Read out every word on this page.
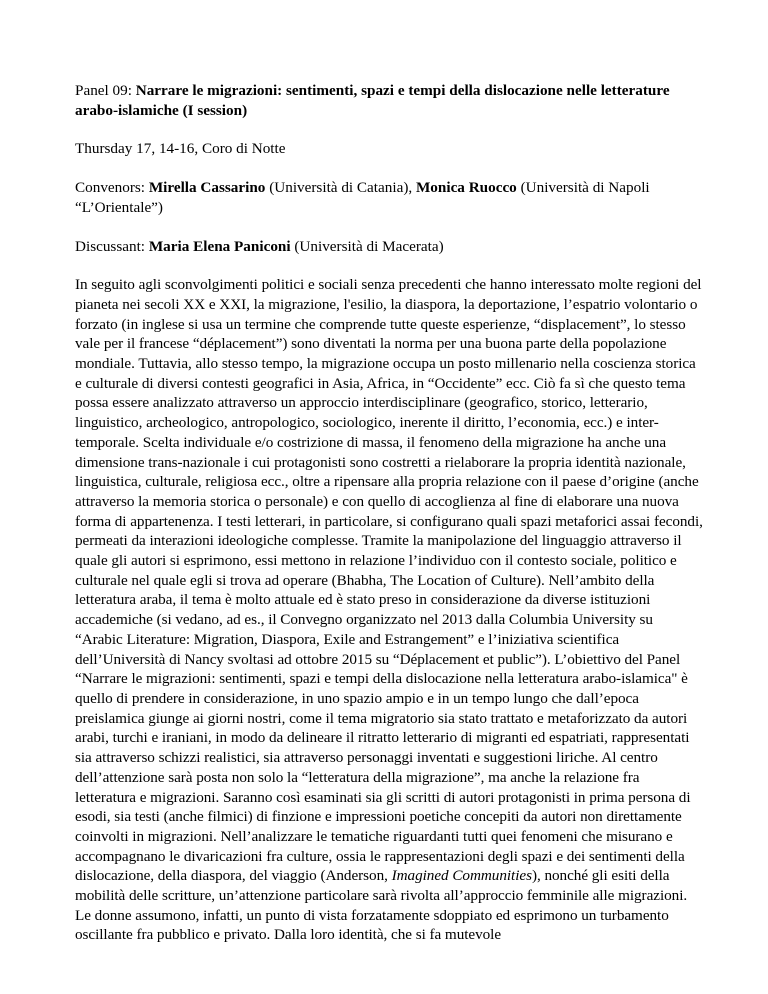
Panel 09: Narrare le migrazioni: sentimenti, spazi e tempi della dislocazione nelle letterature arabo-islamiche (I session)

Thursday 17, 14-16, Coro di Notte

Convenors: Mirella Cassarino (Università di Catania), Monica Ruocco (Università di Napoli “L’Orientale”)

Discussant: Maria Elena Paniconi (Università di Macerata)

In seguito agli sconvolgimenti politici e sociali senza precedenti che hanno interessato molte regioni del pianeta nei secoli XX e XXI, la migrazione, l'esilio, la diaspora, la deportazione, l’espatrio volontario o forzato (in inglese si usa un termine che comprende tutte queste esperienze, “displacement”, lo stesso vale per il francese “déplacement”) sono diventati la norma per una buona parte della popolazione mondiale. Tuttavia, allo stesso tempo, la migrazione occupa un posto millenario nella coscienza storica e culturale di diversi contesti geografici in Asia, Africa, in “Occidente” ecc. Ciò fa sì che questo tema possa essere analizzato attraverso un approccio interdisciplinare (geografico, storico, letterario, linguistico, archeologico, antropologico, sociologico, inerente il diritto, l’economia, ecc.) e inter-temporale. Scelta individuale e/o costrizione di massa, il fenomeno della migrazione ha anche una dimensione trans-nazionale i cui protagonisti sono costretti a rielaborare la propria identità nazionale, linguistica, culturale, religiosa ecc., oltre a ripensare alla propria relazione con il paese d’origine (anche attraverso la memoria storica o personale) e con quello di accoglienza al fine di elaborare una nuova forma di appartenenza. I testi letterari, in particolare, si configurano quali spazi metaforici assai fecondi, permeati da interazioni ideologiche complesse. Tramite la manipolazione del linguaggio attraverso il quale gli autori si esprimono, essi mettono in relazione l’individuo con il contesto sociale, politico e culturale nel quale egli si trova ad operare (Bhabha, The Location of Culture). Nell’ambito della letteratura araba, il tema è molto attuale ed è stato preso in considerazione da diverse istituzioni accademiche (si vedano, ad es., il Convegno organizzato nel 2013 dalla Columbia University su “Arabic Literature: Migration, Diaspora, Exile and Estrangement” e l’iniziativa scientifica dell’Università di Nancy svoltasi ad ottobre 2015 su “Déplacement et public”). L’obiettivo del Panel “Narrare le migrazioni: sentimenti, spazi e tempi della dislocazione nella letteratura arabo-islamica" è quello di prendere in considerazione, in uno spazio ampio e in un tempo lungo che dall’epoca preislamica giunge ai giorni nostri, come il tema migratorio sia stato trattato e metaforizzato da autori arabi, turchi e iraniani, in modo da delineare il ritratto letterario di migranti ed espatriati, rappresentati sia attraverso schizzi realistici, sia attraverso personaggi inventati e suggestioni liriche. Al centro dell’attenzione sarà posta non solo la “letteratura della migrazione”, ma anche la relazione fra letteratura e migrazioni. Saranno così esaminati sia gli scritti di autori protagonisti in prima persona di esodi, sia testi (anche filmici) di finzione e impressioni poetiche concepiti da autori non direttamente coinvolti in migrazioni. Nell’analizzare le tematiche riguardanti tutti quei fenomeni che misurano e accompagnano le divaricazioni fra culture, ossia le rappresentazioni degli spazi e dei sentimenti della dislocazione, della diaspora, del viaggio (Anderson, Imagined Communities), nonché gli esiti della mobilità delle scritture, un’attenzione particolare sarà rivolta all’approccio femminile alle migrazioni. Le donne assumono, infatti, un punto di vista forzatamente sdoppiato ed esprimono un turbamento oscillante fra pubblico e privato. Dalla loro identità, che si fa mutevole
